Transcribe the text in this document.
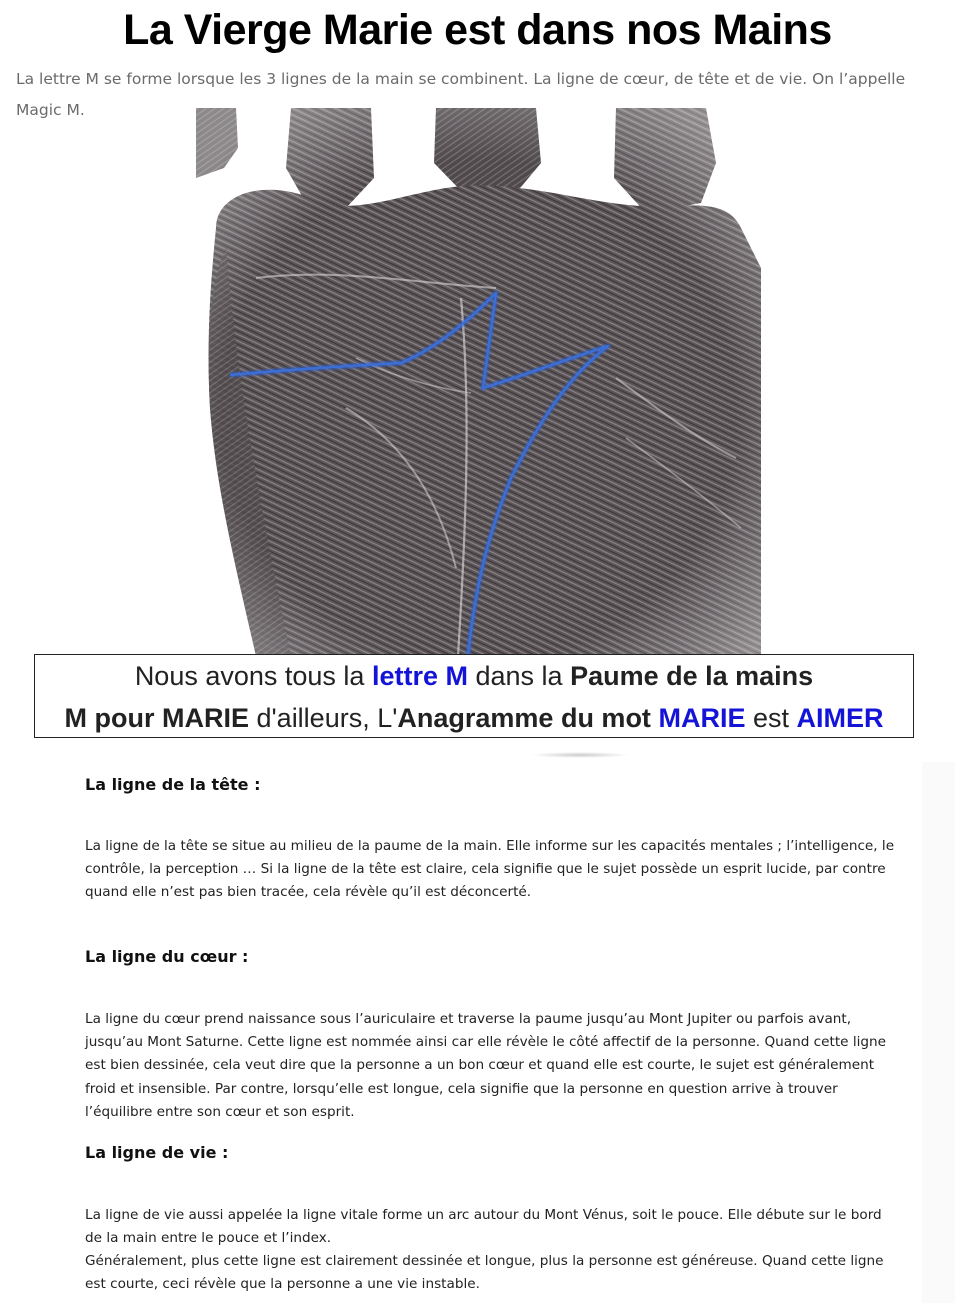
La Vierge Marie est dans nos Mains

La lettre M se forme lorsque les 3 lignes de la main se combinent. La ligne de cœur, de tête et de vie. On l’appelle Magic M.

Nous avons tous la lettre M dans la Paume de la mains
M pour MARIE d'ailleurs, L'Anagramme du mot MARIE est AIMER
La ligne de la tête :

La ligne de la tête se situe au milieu de la paume de la main. Elle informe sur les capacités mentales ; l’intelligence, le contrôle, la perception … Si la ligne de la tête est claire, cela signifie que le sujet possède un esprit lucide, par contre quand elle n’est pas bien tracée, cela révèle qu’il est déconcerté.

La ligne du cœur :

La ligne du cœur prend naissance sous l’auriculaire et traverse la paume jusqu’au Mont Jupiter ou parfois avant, jusqu’au Mont Saturne. Cette ligne est nommée ainsi car elle révèle le côté affectif de la personne. Quand cette ligne est bien dessinée, cela veut dire que la personne a un bon cœur et quand elle est courte, le sujet est généralement froid et insensible. Par contre, lorsqu’elle est longue, cela signifie que la personne en question arrive à trouver l’équilibre entre son cœur et son esprit.

La ligne de vie :

La ligne de vie aussi appelée la ligne vitale forme un arc autour du Mont Vénus, soit le pouce. Elle débute sur le bord de la main entre le pouce et l’index.

Généralement, plus cette ligne est clairement dessinée et longue, plus la personne est généreuse. Quand cette ligne est courte, ceci révèle que la personne a une vie instable.
